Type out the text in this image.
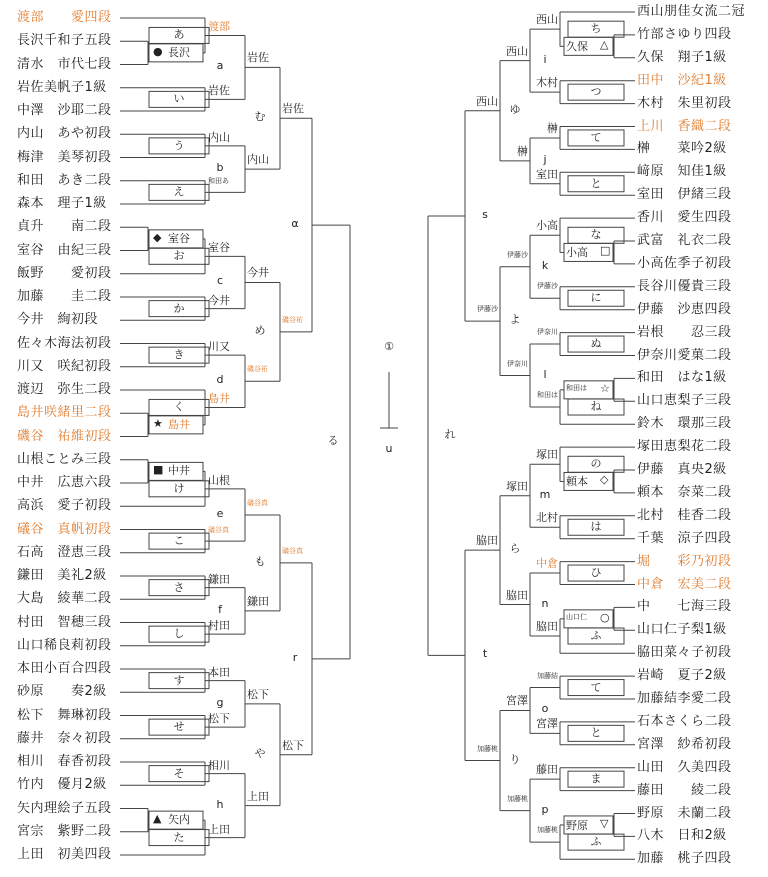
渡部　　愛四段
長沢千和子五段
清水　市代七段
岩佐美帆子1級
中澤　沙耶二段
内山　あや初段
梅津　美琴初段
和田　あき二段
森本　理子1級
貞升　　南二段
室谷　由紀三段
飯野　　愛初段
加藤　　圭二段
今井　絢初段
佐々木海法初段
川又　咲紀初段
渡辺　弥生二段
島井咲緒里二段
磯谷　祐維初段
山根ことみ三段
中井　広恵六段
高浜　愛子初段
礒谷　真帆初段
石高　澄恵三段
鎌田　美礼2級
大島　綾華二段
村田　智穂三段
山口稀良莉初段
本田小百合四段
砂原　　奏2級
松下　舞琳初段
藤井　奈々初段
相川　春香初段
竹内　優月2級
矢内理絵子五段
宮宗　紫野二段
上田　初美四段
● 長沢
あ
い
う
え
◆ 室谷
お
か
き
★ 島井
く
■ 中井
け
こ
さ
し
す
せ
そ
▲ 矢内
た
渡部
岩佐
a
内山
和田あ
b
室谷
今井
c
川又
島井
d
山根
礒谷真
e
鎌田
村田
f
本田
松下
g
相川
上田
h
岩佐
内山
む
今井
磯谷祐
め
礒谷真
鎌田
も
松下
上田
や
岩佐
磯谷祐
α
礒谷真
松下
r
る
西山朋佳女流二冠
竹部さゆり四段
久保　翔子1級
田中　沙紀1級
木村　朱里初段
上川　香織二段
榊　　菜吟2級
﨑原　知佳1級
室田　伊緒三段
香川　愛生四段
武富　礼衣二段
小高佐季子初段
長谷川優貴三段
伊藤　沙恵四段
岩根　　忍三段
伊奈川愛菓二段
和田　はな1級
山口恵梨子三段
鈴木　環那三段
塚田恵梨花二段
伊藤　真央2級
頼本　奈菜二段
北村　桂香二段
千葉　涼子四段
堀　　彩乃初段
中倉　宏美二段
中　　七海三段
山口仁子梨1級
脇田菜々子初段
岩崎　夏子2級
加藤結李愛二段
石本さくら二段
宮澤　紗希初段
山田　久美四段
藤田　　綾二段
野原　未蘭二段
八木　日和2級
加藤　桃子四段
久保 △
ち
つ
て
と
小高 □
な
に
ぬ
和田は ☆
ね
頼本 ◇
の
は
ひ
山口仁 ○
ふ
て
と
ま
野原 ▽
ふ
西山
木村
i
榊
室田
j
小高
伊藤沙
k
伊奈川
和田は
l
塚田
北村
m
中倉
脇田
n
加藤結
宮澤
o
藤田
加藤桃
p
西山
榊
ゆ
伊藤沙
伊奈川
よ
塚田
脇田
ら
宮澤
加藤桃
り
西山
伊藤沙
s
脇田
加藤桃
t
れ
①
u
